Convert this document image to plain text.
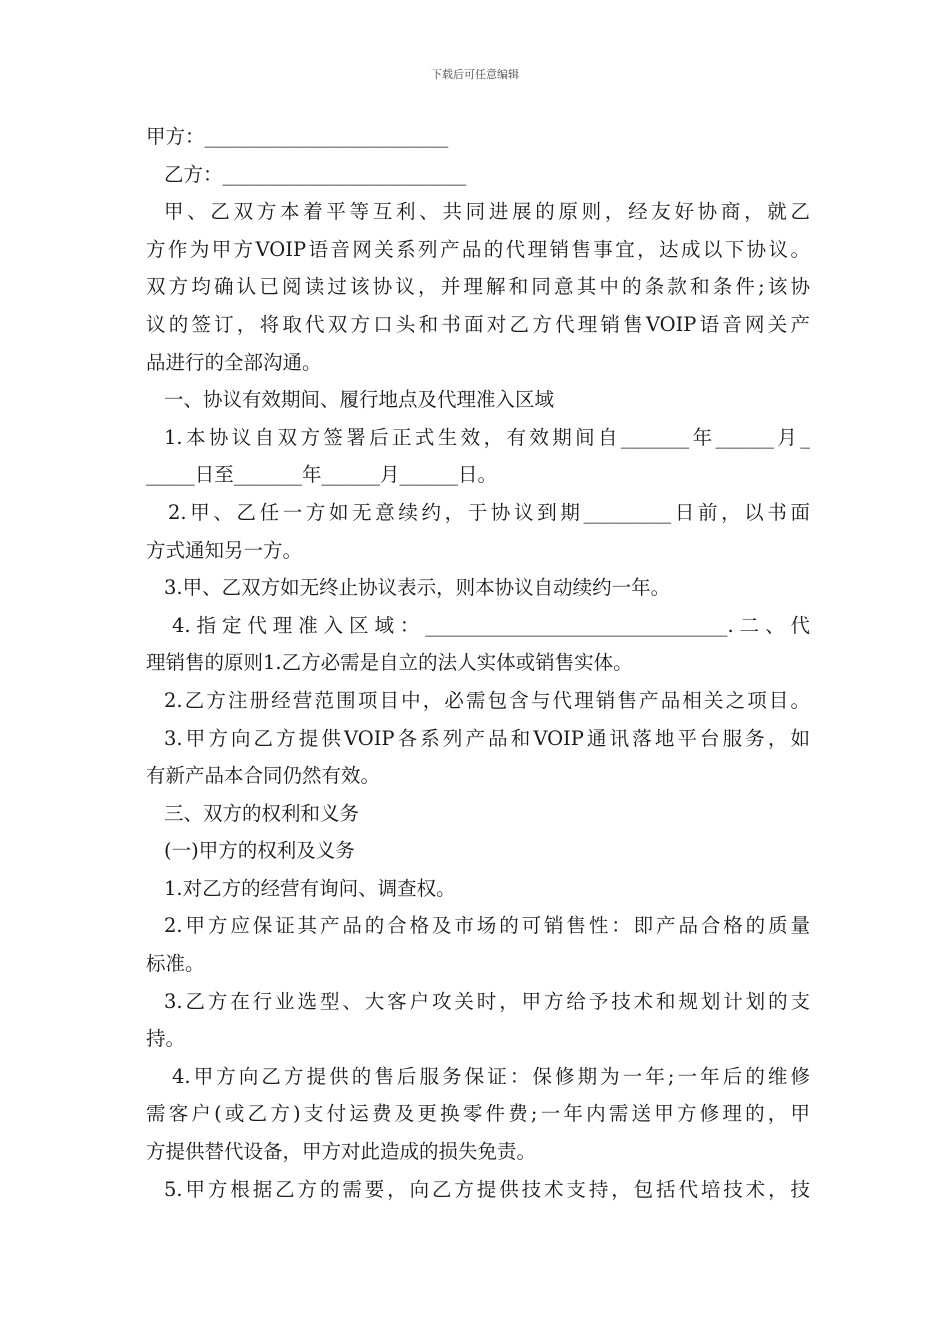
下载后可任意编辑
甲方：_________________________
乙方：_________________________
甲、乙双方本着平等互利、共同进展的原则，经友好协商，就乙
方作为甲方VOIP语音网关系列产品的代理销售事宜，达成以下协议。
双方均确认已阅读过该协议，并理解和同意其中的条款和条件;该协
议的签订，将取代双方口头和书面对乙方代理销售VOIP语音网关产
品进行的全部沟通。
一、协议有效期间、履行地点及代理准入区域
1.本协议自双方签署后正式生效，有效期间自_______年______月_
_____日至_______年______月______日。
2.甲、乙任一方如无意续约，于协议到期_________日前，以书面
方式通知另一方。
3.甲、乙双方如无终止协议表示，则本协议自动续约一年。
4.指定代理准入区域：_______________________________.二、代
理销售的原则1.乙方必需是自立的法人实体或销售实体。
2.乙方注册经营范围项目中，必需包含与代理销售产品相关之项目。
3.甲方向乙方提供VOIP各系列产品和VOIP通讯落地平台服务，如
有新产品本合同仍然有效。
三、双方的权利和义务
(一)甲方的权利及义务
1.对乙方的经营有询问、调查权。
2.甲方应保证其产品的合格及市场的可销售性：即产品合格的质量
标准。
3.乙方在行业选型、大客户攻关时，甲方给予技术和规划计划的支
持。
4.甲方向乙方提供的售后服务保证：保修期为一年;一年后的维修
需客户(或乙方)支付运费及更换零件费;一年内需送甲方修理的，甲
方提供替代设备，甲方对此造成的损失免责。
5.甲方根据乙方的需要，向乙方提供技术支持，包括代培技术，技
